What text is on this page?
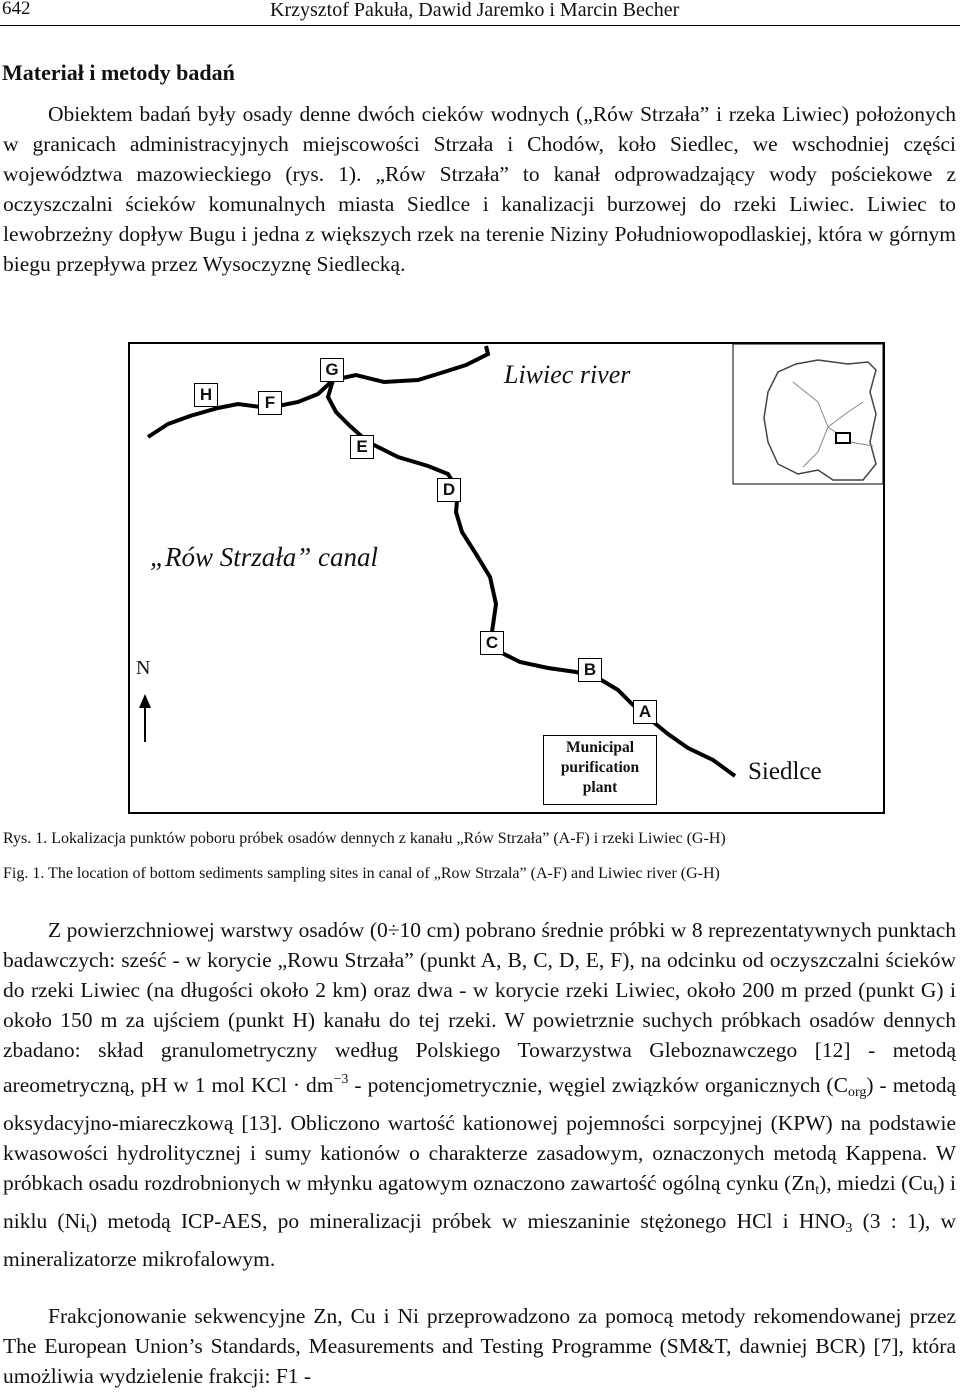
642	Krzysztof Pakuła, Dawid Jaremko i Marcin Becher
Materiał i metody badań
Obiektem badań były osady denne dwóch cieków wodnych („Rów Strzała” i rzeka Liwiec) położonych w granicach administracyjnych miejscowości Strzała i Chodów, koło Siedlec, we wschodniej części województwa mazowieckiego (rys. 1). „Rów Strzała” to kanał odprowadzający wody pościekowe z oczyszczalni ścieków komunalnych miasta Siedlce i kanalizacji burzowej do rzeki Liwiec. Liwiec to lewobrzeżny dopływ Bugu i jedna z większych rzek na terenie Niziny Południowopodlaskiej, która w górnym biegu przepływa przez Wysoczyznę Siedlecką.
H	F
G
E
D
C
B
A
Liwiec river
„Rów Strzała” canal
N
Municipal
purification
plant
Siedlce
Rys. 1. Lokalizacja punktów poboru próbek osadów dennych z kanału „Rów Strzała” (A-F) i rzeki Liwiec (G-H)
Fig. 1. The location of bottom sediments sampling sites in canal of „Row Strzala” (A-F) and Liwiec river (G-H)
Z powierzchniowej warstwy osadów (0÷10 cm) pobrano średnie próbki w 8 reprezentatywnych punktach badawczych: sześć - w korycie „Rowu Strzała” (punkt A, B, C, D, E, F), na odcinku od oczyszczalni ścieków do rzeki Liwiec (na długości około 2 km) oraz dwa - w korycie rzeki Liwiec, około 200 m przed (punkt G) i około 150 m za ujściem (punkt H) kanału do tej rzeki. W powietrznie suchych próbkach osadów dennych zbadano: skład granulometryczny według Polskiego Towarzystwa Gleboznawczego [12] - metodą areometryczną, pH w 1 mol KCl · $dm^{-3}$ - potencjometrycznie, węgiel związków organicznych $(C_{org})$ - metodą oksydacyjno-miareczkową [13]. Obliczono wartość kationowej pojemności sorpcyjnej (KPW) na podstawie kwasowości hydrolitycznej i sumy kationów o charakterze zasadowym, oznaczonych metodą Kappena. W próbkach osadu rozdrobnionych w młynku agatowym oznaczono zawartość ogólną cynku $(Zn_t)$, miedzi $(Cu_t)$ i niklu $(Ni_t)$ metodą ICP-AES, po mineralizacji próbek w mieszaninie stężonego HCl i $HNO_3$ (3 : 1), w mineralizatorze mikrofalowym.
Frakcjonowanie sekwencyjne Zn, Cu i Ni przeprowadzono za pomocą metody rekomendowanej przez The European Union’s Standards, Measurements and Testing Programme (SM&T, dawniej BCR) [7], która umożliwia wydzielenie frakcji: F1 -
